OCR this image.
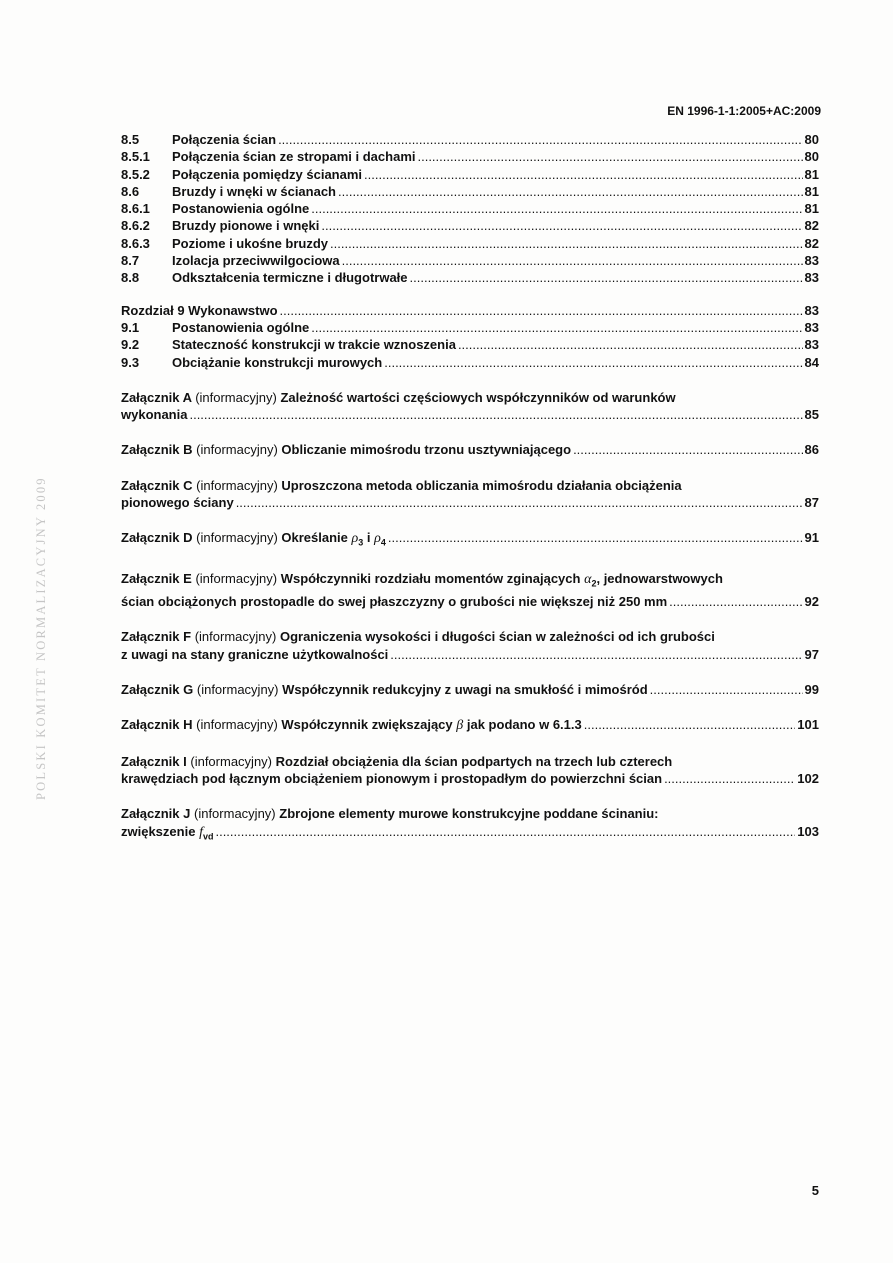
EN 1996-1-1:2005+AC:2009
POLSKI KOMITET NORMALIZACYJNY 2009
8.5	Połączenia ścian .....	80
8.5.1	Połączenia ścian ze stropami i dachami .....	80
8.5.2	Połączenia pomiędzy ścianami .....	81
8.6	Bruzdy i wnęki w ścianach .....	81
8.6.1	Postanowienia ogólne .....	81
8.6.2	Bruzdy pionowe i wnęki .....	82
8.6.3	Poziome i ukośne bruzdy .....	82
8.7	Izolacja przeciwwilgociowa .....	83
8.8	Odkształcenia termiczne i długotrwałe .....	83
Rozdział 9 Wykonawstwo .....	83
9.1	Postanowienia ogólne .....	83
9.2	Stateczność konstrukcji w trakcie wznoszenia .....	83
9.3	Obciążanie konstrukcji murowych .....	84
Załącznik A (informacyjny) Zależność wartości częściowych współczynników od warunków
wykonania .....	85
Załącznik B (informacyjny) Obliczanie mimośrodu trzonu usztywniającego .....	86
Załącznik C (informacyjny) Uproszczona metoda obliczania mimośrodu działania obciążenia
pionowego ściany .....	87
Załącznik D (informacyjny) Określanie $\rho_3$ i $\rho_4$ .....	91
Załącznik E (informacyjny) Współczynniki rozdziału momentów zginających $\alpha_2$, jednowarstwowych
ścian obciążonych prostopadle do swej płaszczyzny o grubości nie większej niż 250 mm .....	92
Załącznik F (informacyjny) Ograniczenia wysokości i długości ścian w zależności od ich grubości
z uwagi na stany graniczne użytkowalności .....	97
Załącznik G (informacyjny) Współczynnik redukcyjny z uwagi na smukłość i mimośród .....	99
Załącznik H (informacyjny) Współczynnik zwiększający β jak podano w 6.1.3 .....	101
Załącznik I (informacyjny) Rozdział obciążenia dla ścian podpartych na trzech lub czterech
krawędziach pod łącznym obciążeniem pionowym i prostopadłym do powierzchni ścian .....	102
Załącznik J (informacyjny) Zbrojone elementy murowe konstrukcyjne poddane ścinaniu:
zwiększenie $f_{vd}$ .....	103
5
